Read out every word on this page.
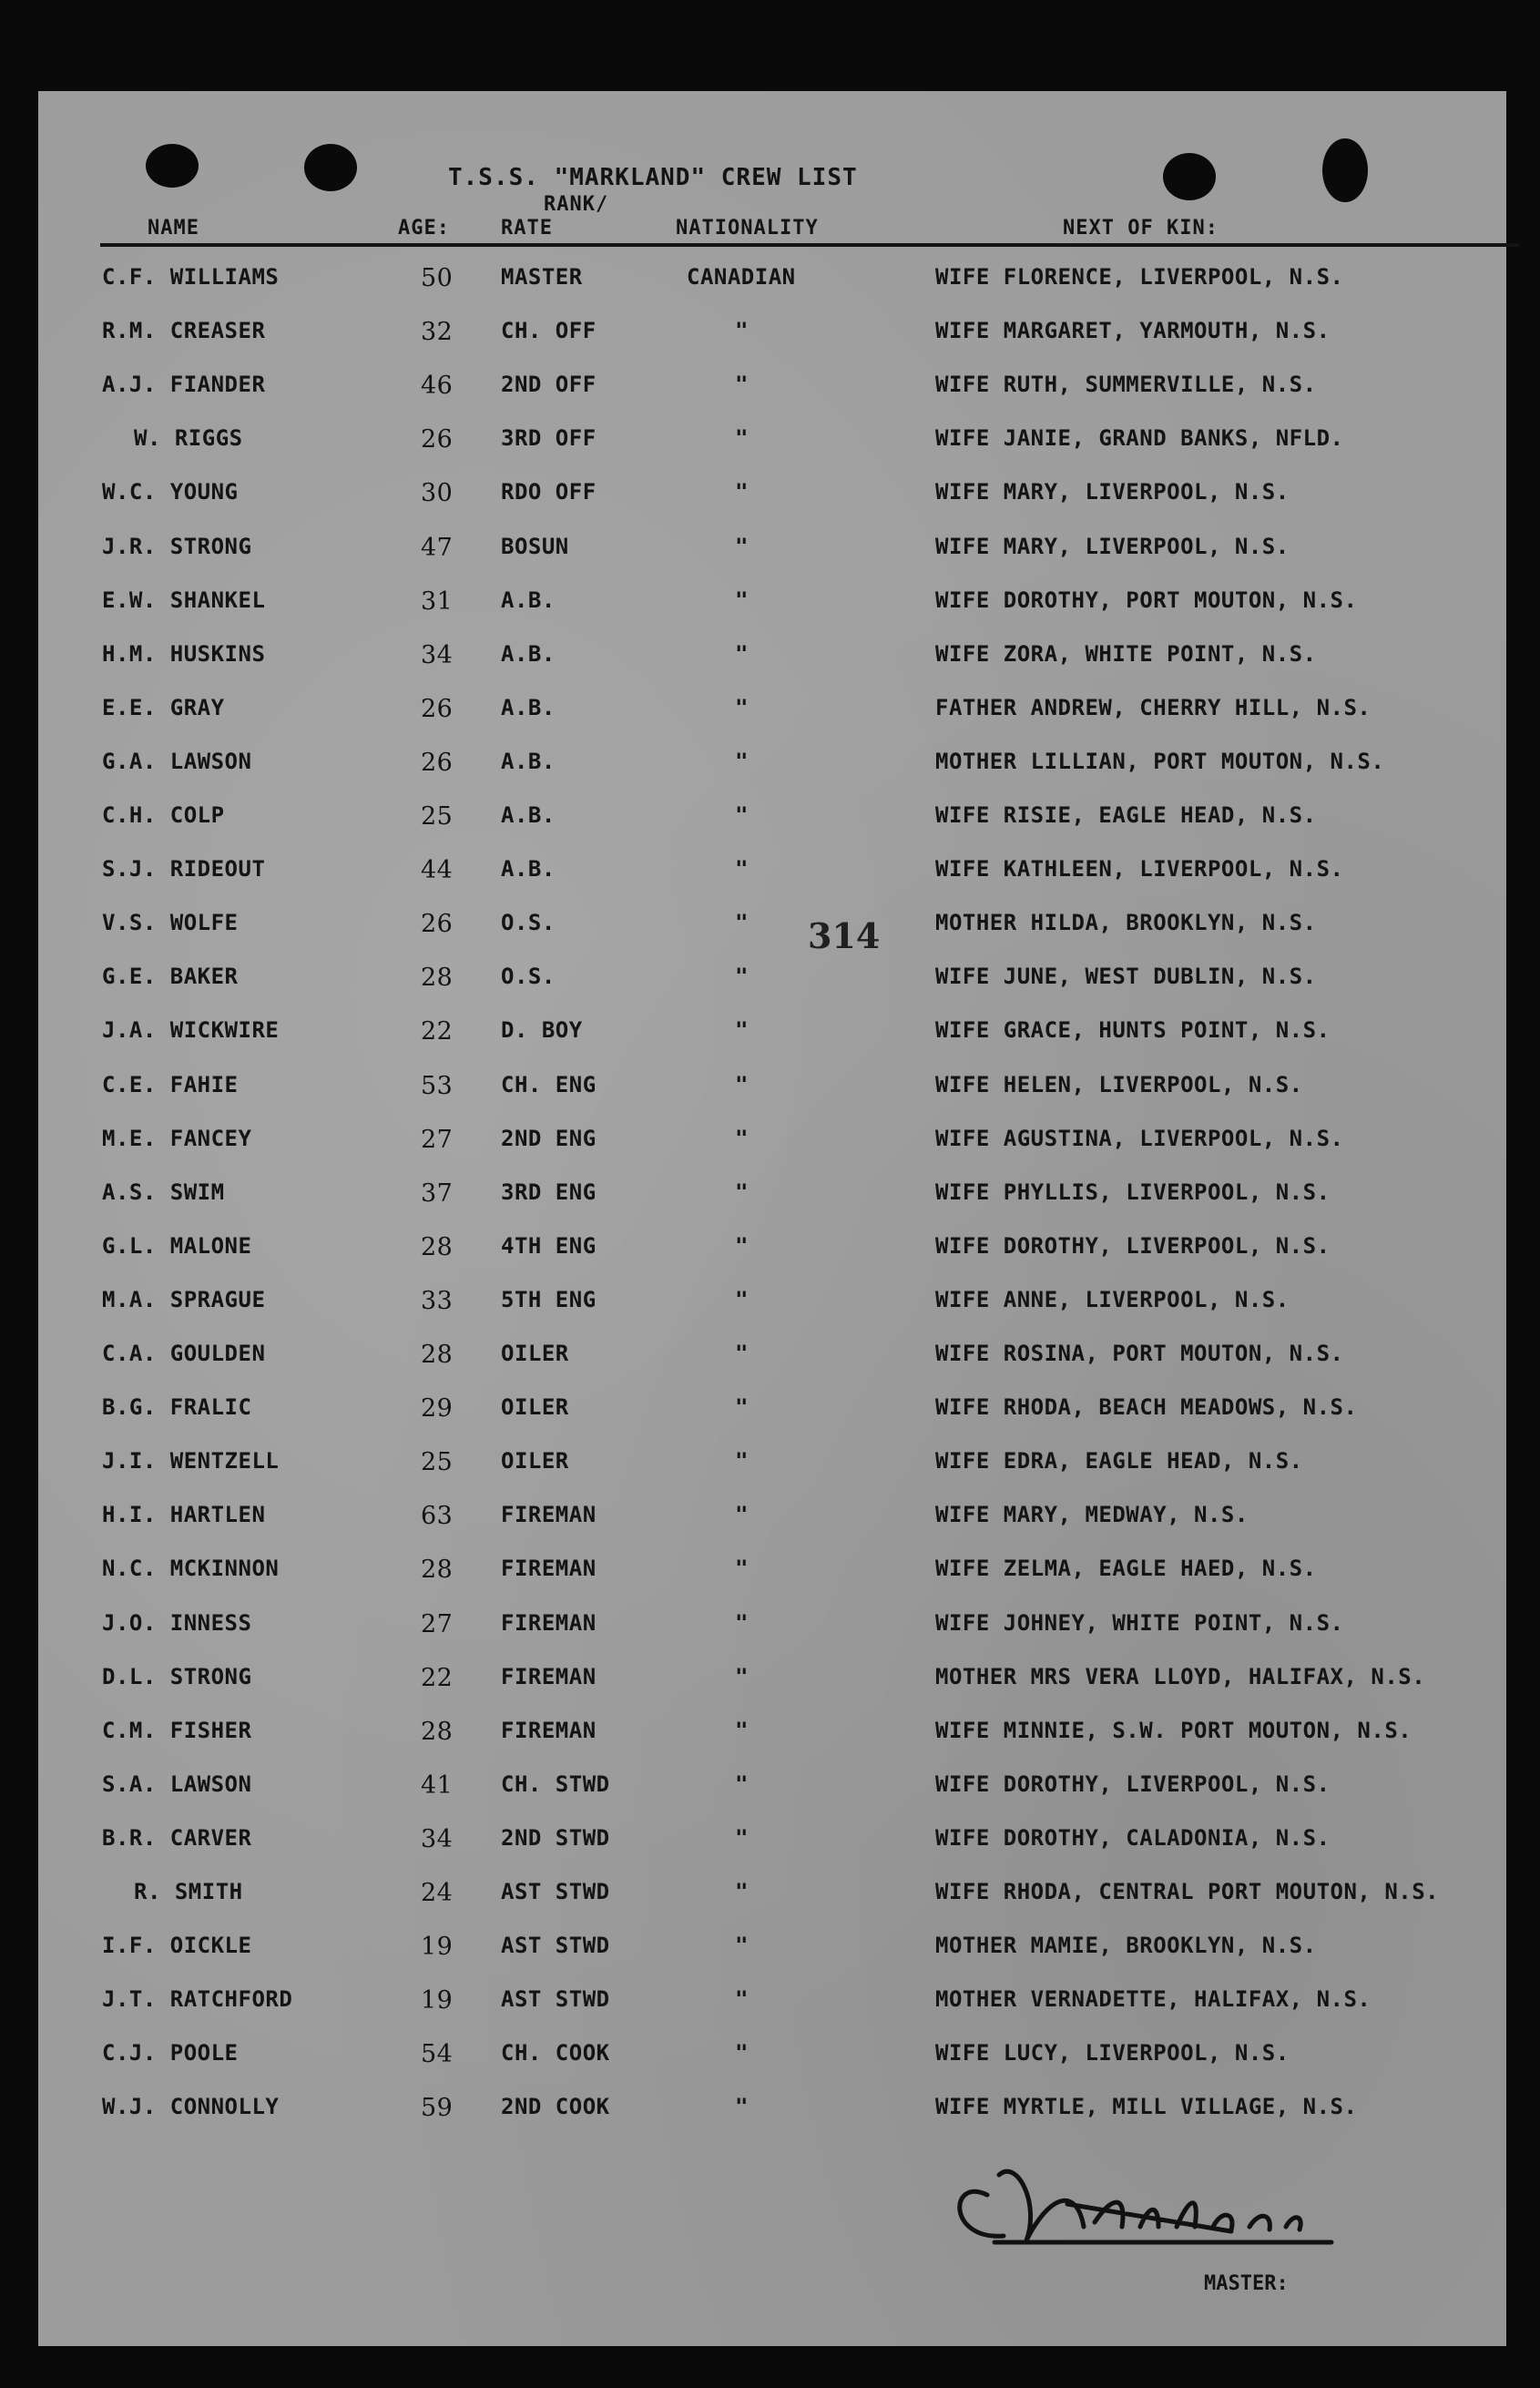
T.S.S. "MARKLAND" CREW LIST
NAME	AGE:
RANK/
RATE	NATIONALITY	NEXT OF KIN:
C.F. WILLIAMS	50 MASTER	CANADIAN	WIFE FLORENCE, LIVERPOOL, N.S.
R.M. CREASER	32 CH. OFF	"	WIFE MARGARET, YARMOUTH, N.S.
A.J. FIANDER	46 2ND OFF	"	WIFE RUTH, SUMMERVILLE, N.S.
W. RIGGS	26 3RD OFF	"	WIFE JANIE, GRAND BANKS, NFLD.
W.C. YOUNG	30 RDO OFF	"	WIFE MARY, LIVERPOOL, N.S.
J.R. STRONG	47 BOSUN	"	WIFE MARY, LIVERPOOL, N.S.
E.W. SHANKEL	31 A.B.	"	WIFE DOROTHY, PORT MOUTON, N.S.
H.M. HUSKINS	34 A.B.	"	WIFE ZORA, WHITE POINT, N.S.
E.E. GRAY	26 A.B.	"	FATHER ANDREW, CHERRY HILL, N.S.
G.A. LAWSON	26 A.B.	"	MOTHER LILLIAN, PORT MOUTON, N.S.
C.H. COLP	25 A.B.	"	WIFE RISIE, EAGLE HEAD, N.S.
S.J. RIDEOUT	44 A.B.	"	WIFE KATHLEEN, LIVERPOOL, N.S.
V.S. WOLFE	26 O.S.	"	MOTHER HILDA, BROOKLYN, N.S.
G.E. BAKER	28 O.S.	"	WIFE JUNE, WEST DUBLIN, N.S.
J.A. WICKWIRE	22 D. BOY	"	WIFE GRACE, HUNTS POINT, N.S.
C.E. FAHIE	53 CH. ENG	"	WIFE HELEN, LIVERPOOL, N.S.
M.E. FANCEY	27 2ND ENG	"	WIFE AGUSTINA, LIVERPOOL, N.S.
A.S. SWIM	37 3RD ENG	"	WIFE PHYLLIS, LIVERPOOL, N.S.
G.L. MALONE	28 4TH ENG	"	WIFE DOROTHY, LIVERPOOL, N.S.
M.A. SPRAGUE	33 5TH ENG	"	WIFE ANNE, LIVERPOOL, N.S.
C.A. GOULDEN	28 OILER	"	WIFE ROSINA, PORT MOUTON, N.S.
B.G. FRALIC	29 OILER	"	WIFE RHODA, BEACH MEADOWS, N.S.
J.I. WENTZELL	25 OILER	"	WIFE EDRA, EAGLE HEAD, N.S.
H.I. HARTLEN	63 FIREMAN	"	WIFE MARY, MEDWAY, N.S.
N.C. MCKINNON	28 FIREMAN	"	WIFE ZELMA, EAGLE HAED, N.S.
J.O. INNESS	27 FIREMAN	"	WIFE JOHNEY, WHITE POINT, N.S.
D.L. STRONG	22 FIREMAN	"	MOTHER MRS VERA LLOYD, HALIFAX, N.S.
C.M. FISHER	28 FIREMAN	"	WIFE MINNIE, S.W. PORT MOUTON, N.S.
S.A. LAWSON	41 CH. STWD	"	WIFE DOROTHY, LIVERPOOL, N.S.
B.R. CARVER	34 2ND STWD	"	WIFE DOROTHY, CALADONIA, N.S.
R. SMITH	24 AST STWD	"	WIFE RHODA, CENTRAL PORT MOUTON, N.S.
I.F. OICKLE	19 AST STWD	"	MOTHER MAMIE, BROOKLYN, N.S.
J.T. RATCHFORD	19 AST STWD	"	MOTHER VERNADETTE, HALIFAX, N.S.
C.J. POOLE	54 CH. COOK	"	WIFE LUCY, LIVERPOOL, N.S.
W.J. CONNOLLY	59 2ND COOK	"	WIFE MYRTLE, MILL VILLAGE, N.S.
314
MASTER:
